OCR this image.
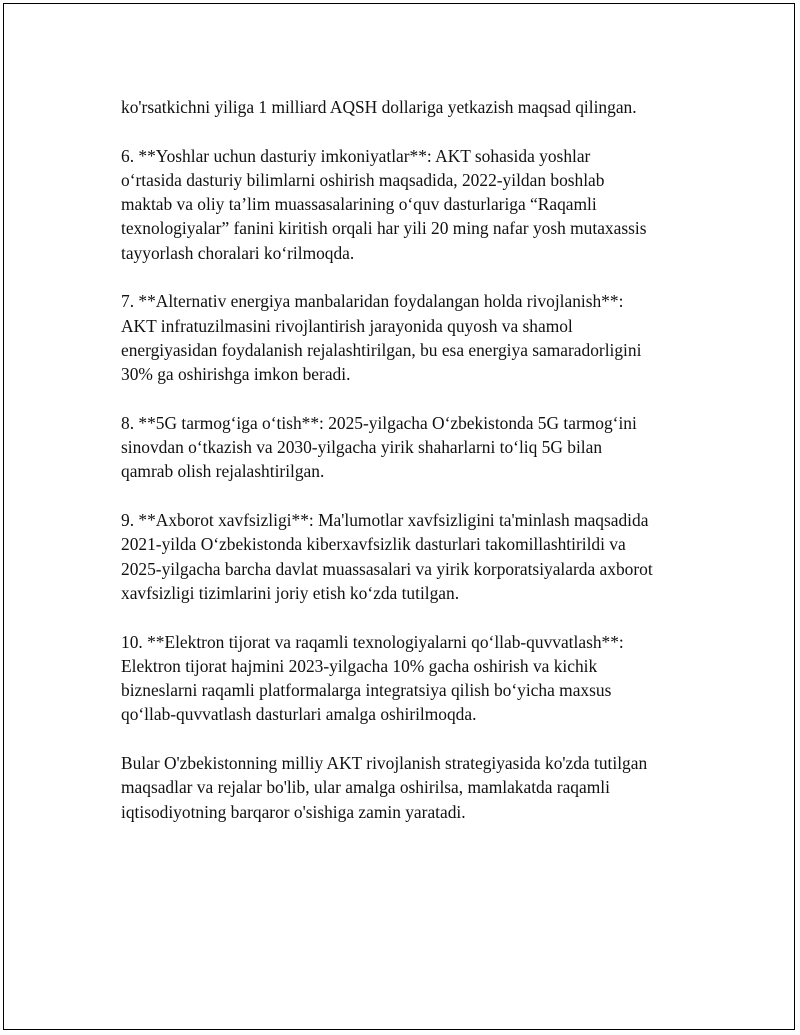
ko'rsatkichni yiliga 1 milliard AQSH dollariga yetkazish maqsad qilingan.

6. **Yoshlar uchun dasturiy imkoniyatlar**: AKT sohasida yoshlar
o‘rtasida dasturiy bilimlarni oshirish maqsadida, 2022-yildan boshlab
maktab va oliy ta’lim muassasalarining o‘quv dasturlariga “Raqamli
texnologiyalar” fanini kiritish orqali har yili 20 ming nafar yosh mutaxassis
tayyorlash choralari ko‘rilmoqda.

7. **Alternativ energiya manbalaridan foydalangan holda rivojlanish**:
AKT infratuzilmasini rivojlantirish jarayonida quyosh va shamol
energiyasidan foydalanish rejalashtirilgan, bu esa energiya samaradorligini
30% ga oshirishga imkon beradi.

8. **5G tarmog‘iga o‘tish**: 2025-yilgacha O‘zbekistonda 5G tarmog‘ini
sinovdan o‘tkazish va 2030-yilgacha yirik shaharlarni to‘liq 5G bilan
qamrab olish rejalashtirilgan.

9. **Axborot xavfsizligi**: Ma'lumotlar xavfsizligini ta'minlash maqsadida
2021-yilda O‘zbekistonda kiberxavfsizlik dasturlari takomillashtirildi va
2025-yilgacha barcha davlat muassasalari va yirik korporatsiyalarda axborot
xavfsizligi tizimlarini joriy etish ko‘zda tutilgan.

10. **Elektron tijorat va raqamli texnologiyalarni qo‘llab-quvvatlash**:
Elektron tijorat hajmini 2023-yilgacha 10% gacha oshirish va kichik
bizneslarni raqamli platformalarga integratsiya qilish bo‘yicha maxsus
qo‘llab-quvvatlash dasturlari amalga oshirilmoqda.

Bular O'zbekistonning milliy AKT rivojlanish strategiyasida ko'zda tutilgan
maqsadlar va rejalar bo'lib, ular amalga oshirilsa, mamlakatda raqamli
iqtisodiyotning barqaror o'sishiga zamin yaratadi.
